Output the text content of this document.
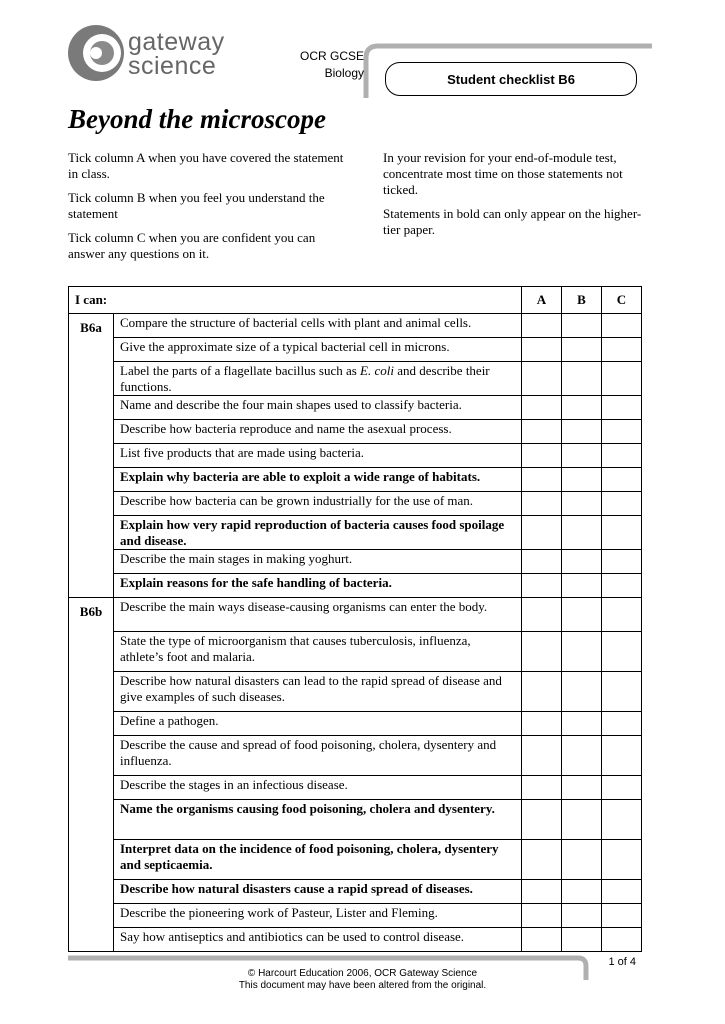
gateway
science	OCR GCSE
Biology	Student checklist B6
Beyond the microscope

Tick column A when you have covered the statement in class.

Tick column B when you feel you understand the statement

Tick column C when you are confident you can answer any questions on it.

In your revision for your end-of-module test, concentrate most time on those statements not ticked.

Statements in bold can only appear on the higher-tier paper.

I can:		A	B	C
B6a	Compare the structure of bacterial cells with plant and animal cells.			
	Give the approximate size of a typical bacterial cell in microns.			
	Label the parts of a flagellate bacillus such as E. coli and describe their functions.			
	Name and describe the four main shapes used to classify bacteria.			
	Describe how bacteria reproduce and name the asexual process.			
	List five products that are made using bacteria.			
	Explain why bacteria are able to exploit a wide range of habitats.			
	Describe how bacteria can be grown industrially for the use of man.			
	Explain how very rapid reproduction of bacteria causes food spoilage and disease.			
	Describe the main stages in making yoghurt.			
	Explain reasons for the safe handling of bacteria.			
B6b	Describe the main ways disease-causing organisms can enter the body.			
	State the type of microorganism that causes tuberculosis, influenza, athlete’s foot and malaria.			
	Describe how natural disasters can lead to the rapid spread of disease and give examples of such diseases.			
	Define a pathogen.			
	Describe the cause and spread of food poisoning, cholera, dysentery and influenza.			
	Describe the stages in an infectious disease.			
	Name the organisms causing food poisoning, cholera and dysentery.			
	Interpret data on the incidence of food poisoning, cholera, dysentery and septicaemia.			
	Describe how natural disasters cause a rapid spread of diseases.			
	Describe the pioneering work of Pasteur, Lister and Fleming.			
	Say how antiseptics and antibiotics can be used to control disease.			
1 of 4
© Harcourt Education 2006, OCR Gateway Science
This document may have been altered from the original.
